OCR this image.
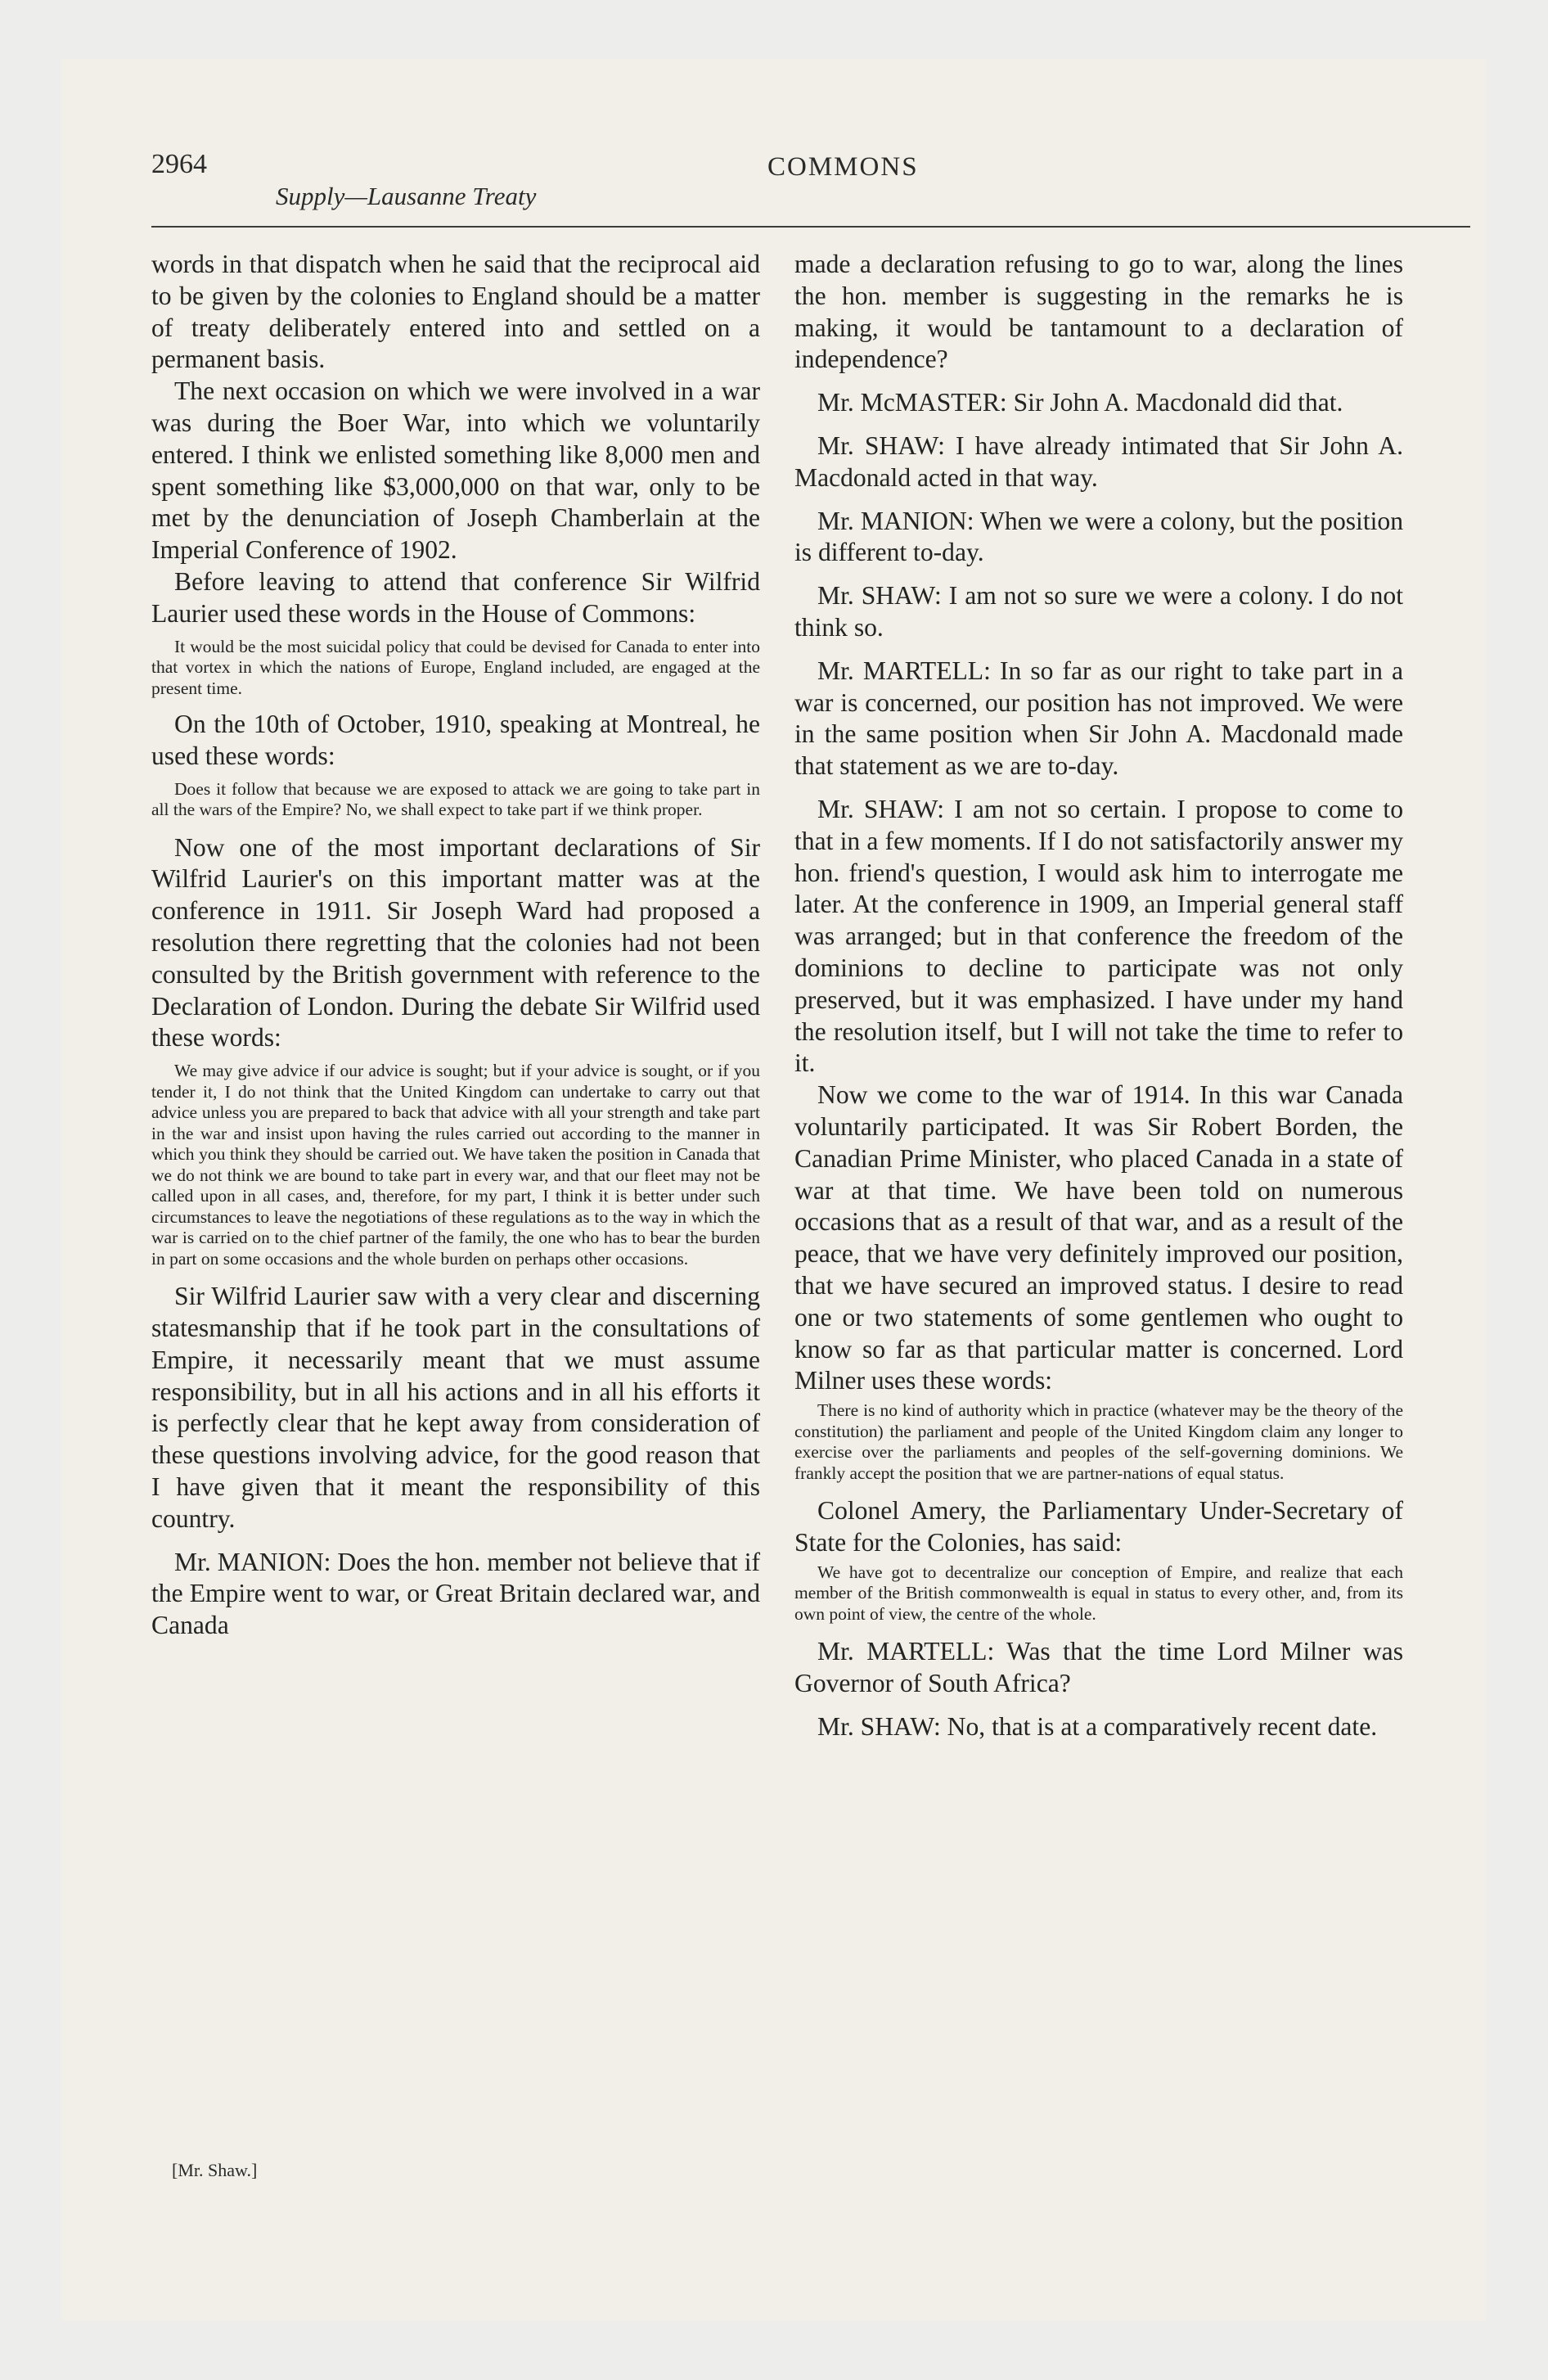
2964
Supply—Lausanne Treaty
COMMONS

words in that dispatch when he said that the reciprocal aid to be given by the colonies to England should be a matter of treaty deliberately entered into and settled on a permanent basis.

The next occasion on which we were involved in a war was during the Boer War, into which we voluntarily entered. I think we enlisted something like 8,000 men and spent something like $3,000,000 on that war, only to be met by the denunciation of Joseph Chamberlain at the Imperial Conference of 1902.

Before leaving to attend that conference Sir Wilfrid Laurier used these words in the House of Commons:

It would be the most suicidal policy that could be devised for Canada to enter into that vortex in which the nations of Europe, England included, are engaged at the present time.

On the 10th of October, 1910, speaking at Montreal, he used these words:

Does it follow that because we are exposed to attack we are going to take part in all the wars of the Empire? No, we shall expect to take part if we think proper.

Now one of the most important declarations of Sir Wilfrid Laurier's on this important matter was at the conference in 1911. Sir Joseph Ward had proposed a resolution there regretting that the colonies had not been consulted by the British government with reference to the Declaration of London. During the debate Sir Wilfrid used these words:

We may give advice if our advice is sought; but if your advice is sought, or if you tender it, I do not think that the United Kingdom can undertake to carry out that advice unless you are prepared to back that advice with all your strength and take part in the war and insist upon having the rules carried out according to the manner in which you think they should be carried out. We have taken the position in Canada that we do not think we are bound to take part in every war, and that our fleet may not be called upon in all cases, and, therefore, for my part, I think it is better under such circumstances to leave the negotiations of these regulations as to the way in which the war is carried on to the chief partner of the family, the one who has to bear the burden in part on some occasions and the whole burden on perhaps other occasions.

Sir Wilfrid Laurier saw with a very clear and discerning statesmanship that if he took part in the consultations of Empire, it necessarily meant that we must assume responsibility, but in all his actions and in all his efforts it is perfectly clear that he kept away from consideration of these questions involving advice, for the good reason that I have given that it meant the responsibility of this country.

Mr. MANION: Does the hon. member not believe that if the Empire went to war, or Great Britain declared war, and Canada

[Mr. Shaw.]

made a declaration refusing to go to war, along the lines the hon. member is suggesting in the remarks he is making, it would be tantamount to a declaration of independence?

Mr. McMASTER: Sir John A. Macdonald did that.

Mr. SHAW: I have already intimated that Sir John A. Macdonald acted in that way.

Mr. MANION: When we were a colony, but the position is different to-day.

Mr. SHAW: I am not so sure we were a colony. I do not think so.

Mr. MARTELL: In so far as our right to take part in a war is concerned, our position has not improved. We were in the same position when Sir John A. Macdonald made that statement as we are to-day.

Mr. SHAW: I am not so certain. I propose to come to that in a few moments. If I do not satisfactorily answer my hon. friend's question, I would ask him to interrogate me later. At the conference in 1909, an Imperial general staff was arranged; but in that conference the freedom of the dominions to decline to participate was not only preserved, but it was emphasized. I have under my hand the resolution itself, but I will not take the time to refer to it.

Now we come to the war of 1914. In this war Canada voluntarily participated. It was Sir Robert Borden, the Canadian Prime Minister, who placed Canada in a state of war at that time. We have been told on numerous occasions that as a result of that war, and as a result of the peace, that we have very definitely improved our position, that we have secured an improved status. I desire to read one or two statements of some gentlemen who ought to know so far as that particular matter is concerned. Lord Milner uses these words:

There is no kind of authority which in practice (whatever may be the theory of the constitution) the parliament and people of the United Kingdom claim any longer to exercise over the parliaments and peoples of the self-governing dominions. We frankly accept the position that we are partner-nations of equal status.

Colonel Amery, the Parliamentary Under-Secretary of State for the Colonies, has said:

We have got to decentralize our conception of Empire, and realize that each member of the British commonwealth is equal in status to every other, and, from its own point of view, the centre of the whole.

Mr. MARTELL: Was that the time Lord Milner was Governor of South Africa?

Mr. SHAW: No, that is at a comparatively recent date.
